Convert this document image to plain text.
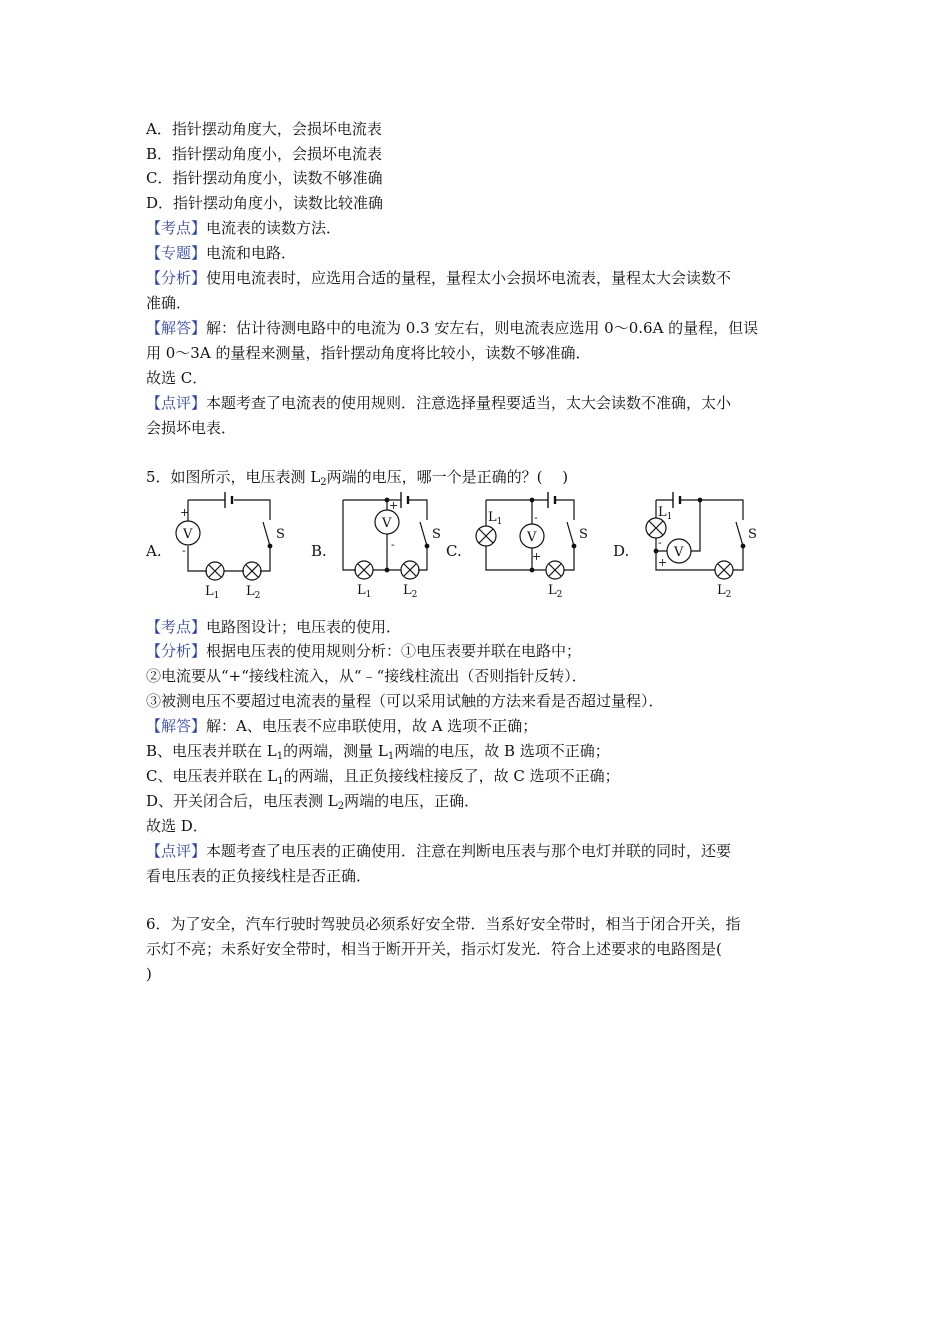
A．指针摆动角度大，会损坏电流表
B．指针摆动角度小，会损坏电流表
C．指针摆动角度小，读数不够准确
D．指针摆动角度小，读数比较准确
【考点】电流表的读数方法．
【专题】电流和电路．
【分析】使用电流表时，应选用合适的量程，量程太小会损坏电流表，量程太大会读数不
准确．
【解答】解：估计待测电路中的电流为 0.3 安左右，则电流表应选用 0～0.6A 的量程，但误
用 0～3A 的量程来测量，指针摆动角度将比较小，读数不够准确．
故选 C．
【点评】本题考查了电流表的使用规则．注意选择量程要适当，太大会读数不准确，太小
会损坏电表．
5．如图所示，电压表测 $L_2$两端的电压，哪一个是正确的？(　 )
A.	B.	C.	D.
V	S
+
-
$L_1$ $L_2$
V
S
+
-
$L_1$ $L_2$
V	S
-
+
$L_1$
$L_2$
V
S
+
-
$L_1$
$L_2$
【考点】电路图设计；电压表的使用．
【分析】根据电压表的使用规则分析：①电压表要并联在电路中；
②电流要从“+“接线柱流入，从“﹣“接线柱流出（否则指针反转）．
③被测电压不要超过电流表的量程（可以采用试触的方法来看是否超过量程）．
【解答】解：A、电压表不应串联使用，故 A 选项不正确；
B、电压表并联在 $L_1$的两端，测量 $L_1$两端的电压，故 B 选项不正确；
C、电压表并联在 $L_1$的两端，且正负接线柱接反了，故 C 选项不正确；
D、开关闭合后，电压表测 $L_2$两端的电压，正确．
故选 D．
【点评】本题考查了电压表的正确使用．注意在判断电压表与那个电灯并联的同时，还要
看电压表的正负接线柱是否正确．
6．为了安全，汽车行驶时驾驶员必须系好安全带．当系好安全带时，相当于闭合开关，指
示灯不亮；未系好安全带时，相当于断开开关，指示灯发光．符合上述要求的电路图是(
)
